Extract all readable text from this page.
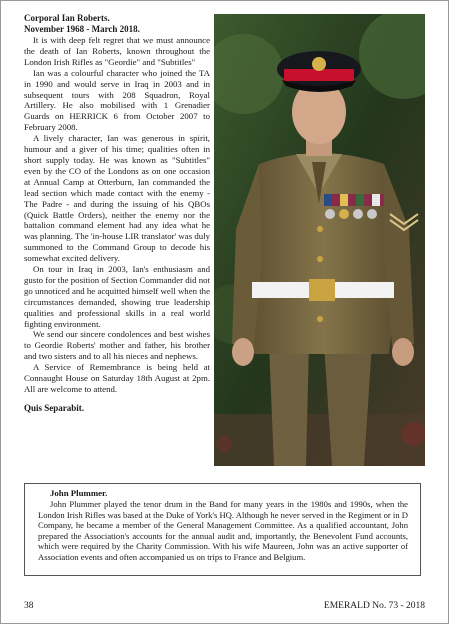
Corporal Ian Roberts.

November 1968 - March 2018.

It is with deep felt regret that we must announce the death of Ian Roberts, known throughout the London Irish Rifles as "Geordie" and "Subtitles"

Ian was a colourful character who joined the TA in 1990 and would serve in Iraq in 2003 and in subsequent tours with 208 Squadron, Royal Artillery. He also mobilised with 1 Grenadier Guards on HERRICK 6 from October 2007 to February 2008.

A lively character, Ian was generous in spirit, humour and a giver of his time; qualities often in short supply today. He was known as "Subtitles" even by the CO of the Londons as on one occasion at Annual Camp at Otterburn, Ian commanded the lead section which made contact with the enemy - The Padre - and during the issuing of his QBOs (Quick Battle Orders), neither the enemy nor the battalion command element had any idea what he was planning. The 'in-house LIR translator' was duly summoned to the Command Group to decode his somewhat excited delivery.

On tour in Iraq in 2003, Ian's enthusiasm and gusto for the position of Section Commander did not go unnoticed and he acquitted himself well when the circumstances demanded, showing true leadership qualities and professional skills in a real world fighting environment.

We send our sincere condolences and best wishes to Geordie Roberts' mother and father, his brother and two sisters and to all his nieces and nephews.

A Service of Remembrance is being held at Connaught House on Saturday 18th August at 2pm. All are welcome to attend.

Quis Separabit.

John Plummer.

John Plummer played the tenor drum in the Band for many years in the 1980s and 1990s, when the London Irish Rifles was based at the Duke of York's HQ. Although he never served in the Regiment or in D Company, he became a member of the General Management Committee. As a qualified accountant, John prepared the Association's accounts for the annual audit and, importantly, the Benevolent Fund accounts, which were required by the Charity Commission. With his wife Maureen, John was an active supporter of Association events and often accompanied us on trips to France and Belgium.

38	EMERALD No. 73 - 2018
